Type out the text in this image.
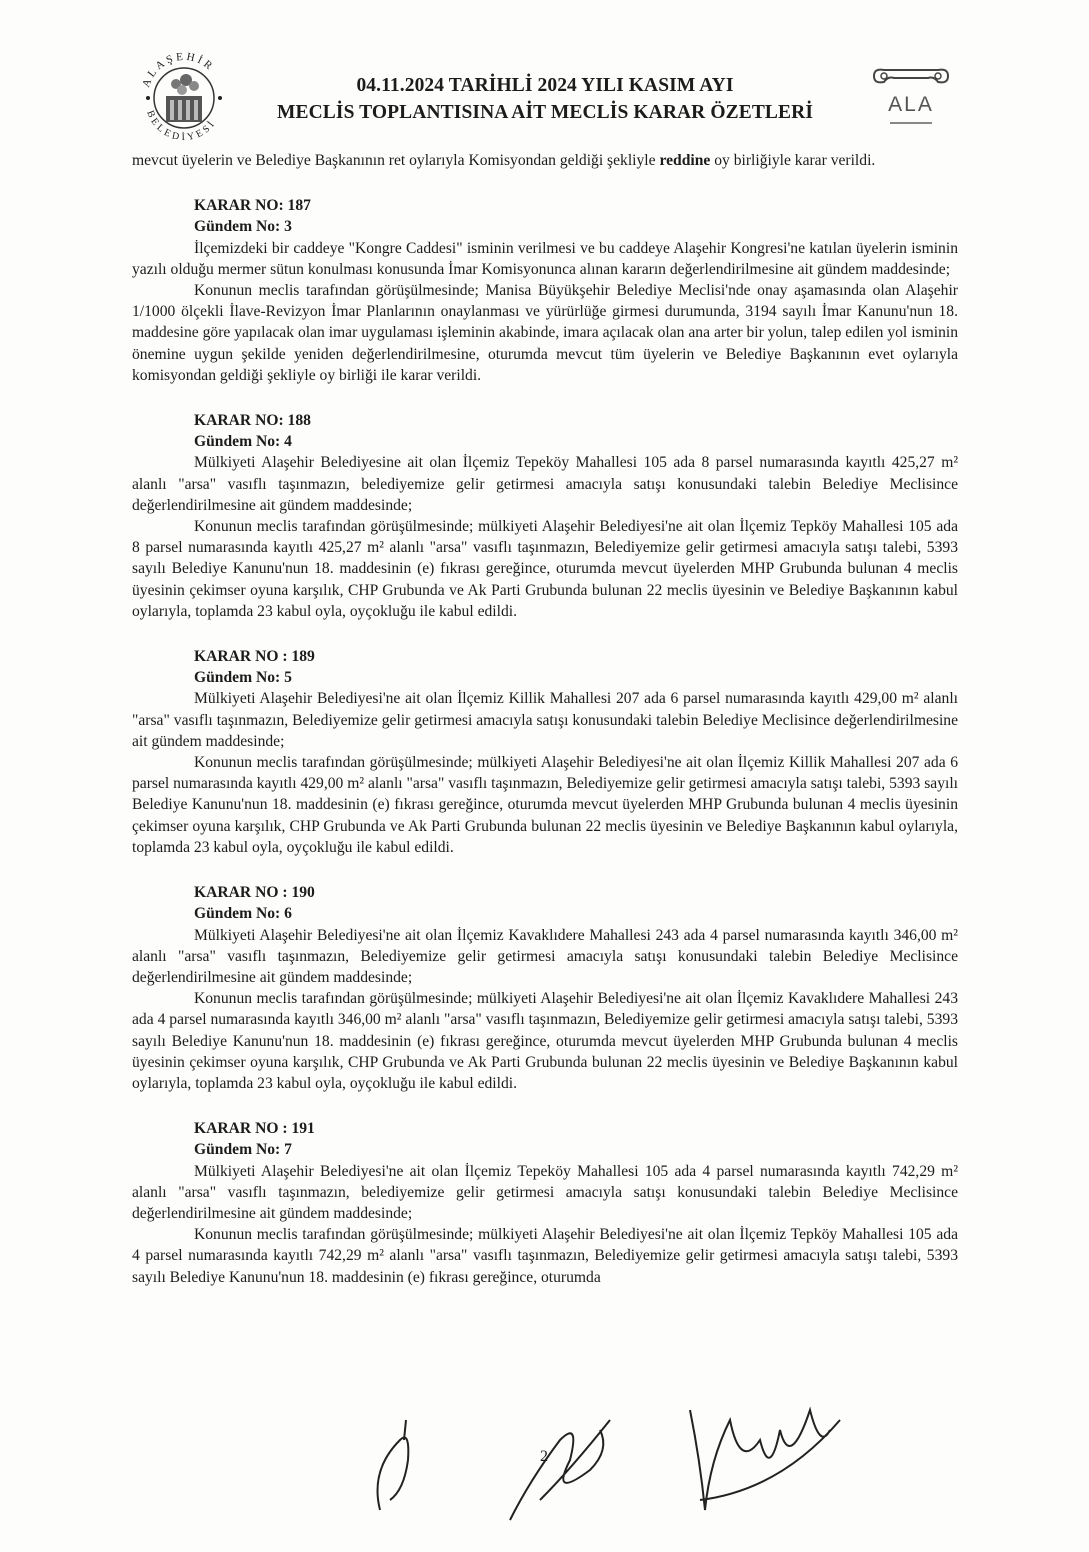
ALAŞEHİR
BELEDİYESİ
ALA
04.11.2024 TARİHLİ 2024 YILI KASIM AYI
MECLİS TOPLANTISINA AİT MECLİS KARAR ÖZETLERİ

mevcut üyelerin ve Belediye Başkanının ret oylarıyla Komisyondan geldiği şekliyle reddine oy birliğiyle karar verildi.

KARAR NO: 187
Gündem No: 3

İlçemizdeki bir caddeye "Kongre Caddesi" isminin verilmesi ve bu caddeye Alaşehir Kongresi'ne katılan üyelerin isminin yazılı olduğu mermer sütun konulması konusunda İmar Komisyonunca alınan kararın değerlendirilmesine ait gündem maddesinde;

Konunun meclis tarafından görüşülmesinde; Manisa Büyükşehir Belediye Meclisi'nde onay aşamasında olan Alaşehir 1/1000 ölçekli İlave-Revizyon İmar Planlarının onaylanması ve yürürlüğe girmesi durumunda, 3194 sayılı İmar Kanunu'nun 18. maddesine göre yapılacak olan imar uygulaması işleminin akabinde, imara açılacak olan ana arter bir yolun, talep edilen yol isminin önemine uygun şekilde yeniden değerlendirilmesine, oturumda mevcut tüm üyelerin ve Belediye Başkanının evet oylarıyla komisyondan geldiği şekliyle oy birliği ile karar verildi.

KARAR NO: 188
Gündem No: 4

Mülkiyeti Alaşehir Belediyesine ait olan İlçemiz Tepeköy Mahallesi 105 ada 8 parsel numarasında kayıtlı 425,27 m² alanlı "arsa" vasıflı taşınmazın, belediyemize gelir getirmesi amacıyla satışı konusundaki talebin Belediye Meclisince değerlendirilmesine ait gündem maddesinde;

Konunun meclis tarafından görüşülmesinde; mülkiyeti Alaşehir Belediyesi'ne ait olan İlçemiz Tepköy Mahallesi 105 ada 8 parsel numarasında kayıtlı 425,27 m² alanlı "arsa" vasıflı taşınmazın, Belediyemize gelir getirmesi amacıyla satışı talebi, 5393 sayılı Belediye Kanunu'nun 18. maddesinin (e) fıkrası gereğince, oturumda mevcut üyelerden MHP Grubunda bulunan 4 meclis üyesinin çekimser oyuna karşılık, CHP Grubunda ve Ak Parti Grubunda bulunan 22 meclis üyesinin ve Belediye Başkanının kabul oylarıyla, toplamda 23 kabul oyla, oyçokluğu ile kabul edildi.

KARAR NO : 189
Gündem No: 5

Mülkiyeti Alaşehir Belediyesi'ne ait olan İlçemiz Killik Mahallesi 207 ada 6 parsel numarasında kayıtlı 429,00 m² alanlı "arsa" vasıflı taşınmazın, Belediyemize gelir getirmesi amacıyla satışı konusundaki talebin Belediye Meclisince değerlendirilmesine ait gündem maddesinde;

Konunun meclis tarafından görüşülmesinde; mülkiyeti Alaşehir Belediyesi'ne ait olan İlçemiz Killik Mahallesi 207 ada 6 parsel numarasında kayıtlı 429,00 m² alanlı "arsa" vasıflı taşınmazın, Belediyemize gelir getirmesi amacıyla satışı talebi, 5393 sayılı Belediye Kanunu'nun 18. maddesinin (e) fıkrası gereğince, oturumda mevcut üyelerden MHP Grubunda bulunan 4 meclis üyesinin çekimser oyuna karşılık, CHP Grubunda ve Ak Parti Grubunda bulunan 22 meclis üyesinin ve Belediye Başkanının kabul oylarıyla, toplamda 23 kabul oyla, oyçokluğu ile kabul edildi.

KARAR NO : 190
Gündem No: 6

Mülkiyeti Alaşehir Belediyesi'ne ait olan İlçemiz Kavaklıdere Mahallesi 243 ada 4 parsel numarasında kayıtlı 346,00 m² alanlı "arsa" vasıflı taşınmazın, Belediyemize gelir getirmesi amacıyla satışı konusundaki talebin Belediye Meclisince değerlendirilmesine ait gündem maddesinde;

Konunun meclis tarafından görüşülmesinde; mülkiyeti Alaşehir Belediyesi'ne ait olan İlçemiz Kavaklıdere Mahallesi 243 ada 4 parsel numarasında kayıtlı 346,00 m² alanlı "arsa" vasıflı taşınmazın, Belediyemize gelir getirmesi amacıyla satışı talebi, 5393 sayılı Belediye Kanunu'nun 18. maddesinin (e) fıkrası gereğince, oturumda mevcut üyelerden MHP Grubunda bulunan 4 meclis üyesinin çekimser oyuna karşılık, CHP Grubunda ve Ak Parti Grubunda bulunan 22 meclis üyesinin ve Belediye Başkanının kabul oylarıyla, toplamda 23 kabul oyla, oyçokluğu ile kabul edildi.

KARAR NO : 191
Gündem No: 7

Mülkiyeti Alaşehir Belediyesi'ne ait olan İlçemiz Tepeköy Mahallesi 105 ada 4 parsel numarasında kayıtlı 742,29 m² alanlı "arsa" vasıflı taşınmazın, belediyemize gelir getirmesi amacıyla satışı konusundaki talebin Belediye Meclisince değerlendirilmesine ait gündem maddesinde;

Konunun meclis tarafından görüşülmesinde; mülkiyeti Alaşehir Belediyesi'ne ait olan İlçemiz Tepköy Mahallesi 105 ada 4 parsel numarasında kayıtlı 742,29 m² alanlı "arsa" vasıflı taşınmazın, Belediyemize gelir getirmesi amacıyla satışı talebi, 5393 sayılı Belediye Kanunu'nun 18. maddesinin (e) fıkrası gereğince, oturumda

2
